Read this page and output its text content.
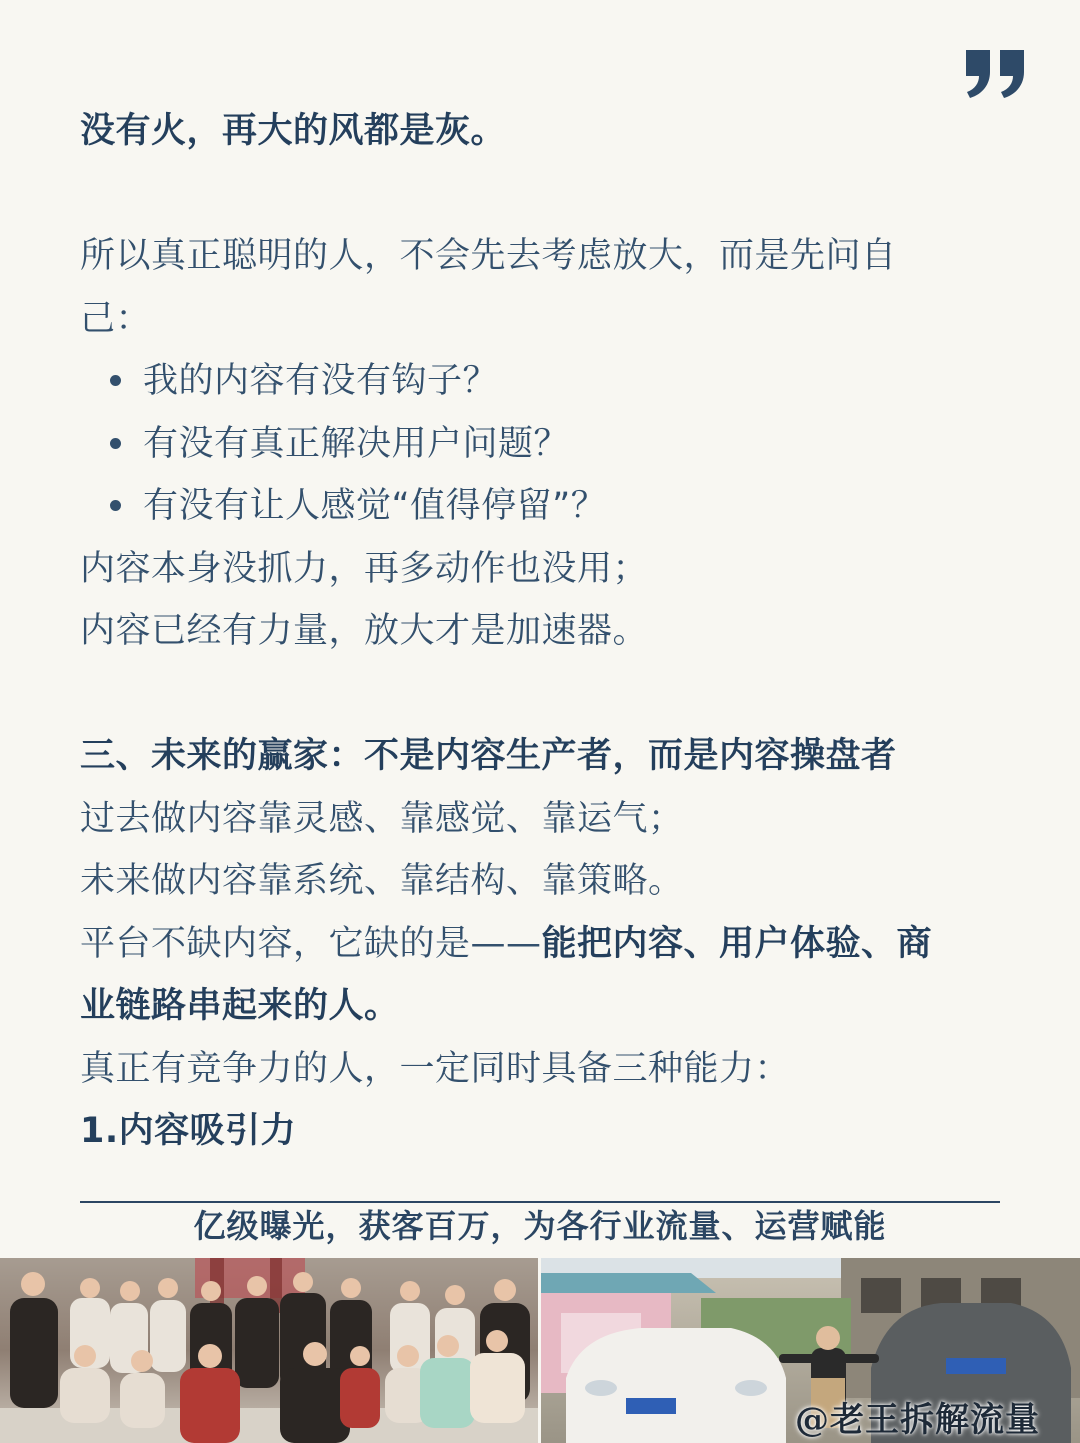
没有火，再大的风都是灰。
所以真正聪明的人，不会先去考虑放大，而是先问自
己：
我的内容有没有钩子？
有没有真正解决用户问题？
有没有让人感觉“值得停留”？
内容本身没抓力，再多动作也没用；
内容已经有力量，放大才是加速器。
三、未来的赢家：不是内容生产者，而是内容操盘者
过去做内容靠灵感、靠感觉、靠运气；
未来做内容靠系统、靠结构、靠策略。
平台不缺内容，它缺的是——能把内容、用户体验、商
业链路串起来的人。
真正有竞争力的人，一定同时具备三种能力：
1.内容吸引力
亿级曝光，获客百万，为各行业流量、运营赋能
@老王拆解流量
